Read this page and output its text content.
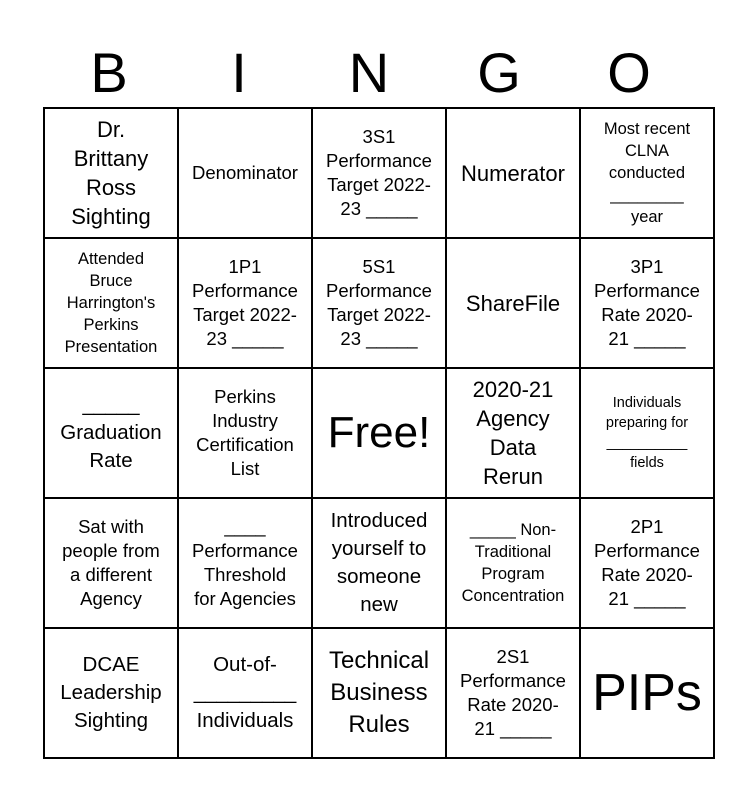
B	I	N	G	O
Dr.
Brittany
Ross
Sighting	Denominator	3S1
Performance
Target 2022-
23 _____	Numerator	Most recent
CLNA
conducted
________
year

Attended
Bruce
Harrington's
Perkins
Presentation	1P1
Performance
Target 2022-
23 _____	5S1
Performance
Target 2022-
23 _____	ShareFile	3P1
Performance
Rate 2020-
21 _____

_____
Graduation
Rate	Perkins
Industry
Certification
List	Free!	2020-21
Agency
Data
Rerun	Individuals
preparing for
__________
fields

Sat with
people from
a different
Agency	____
Performance
Threshold
for Agencies	Introduced
yourself to
someone
new	_____ Non-
Traditional
Program
Concentration	2P1
Performance
Rate 2020-
21 _____

DCAE
Leadership
Sighting	Out-of-
_________
Individuals	Technical
Business
Rules	2S1
Performance
Rate 2020-
21 _____	PIPs
